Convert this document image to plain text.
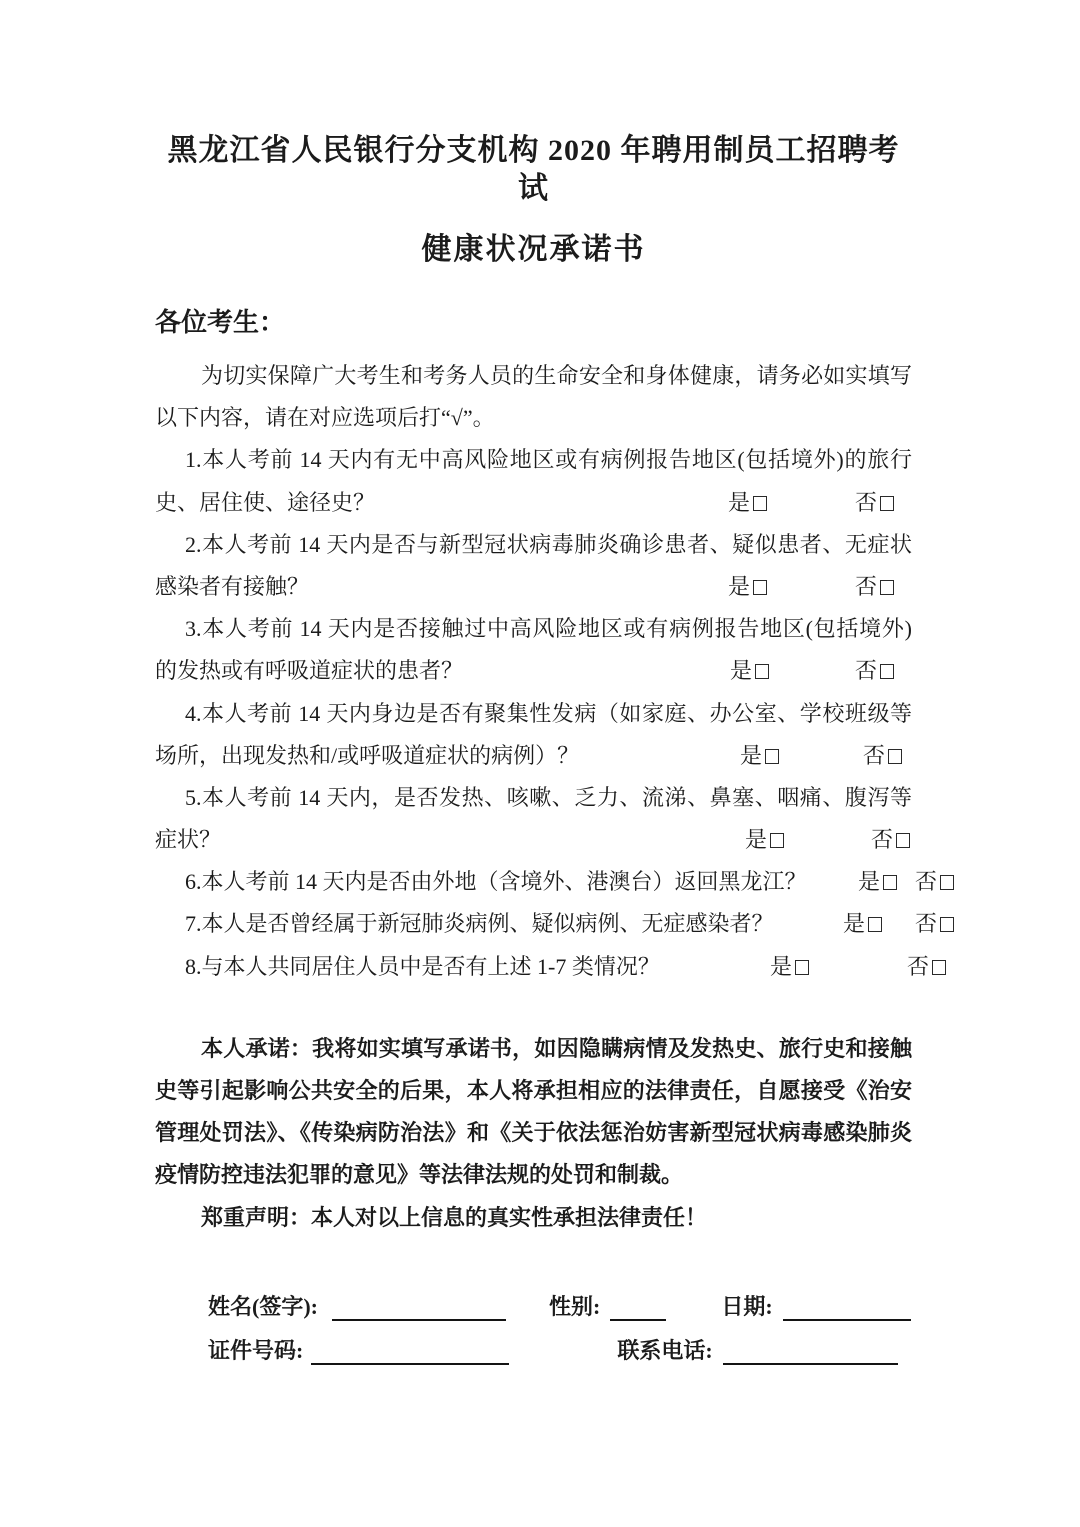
黑龙江省人民银行分支机构 2020 年聘用制员工招聘考试
健康状况承诺书
各位考生：
为切实保障广大考生和考务人员的生命安全和身体健康，请务必如实填写
以下内容，请在对应选项后打“√”。
1.本人考前 14 天内有无中高风险地区或有病例报告地区(包括境外)的旅行
史、居住使、途径史？	是	否
2.本人考前 14 天内是否与新型冠状病毒肺炎确诊患者、疑似患者、无症状
感染者有接触？	是	否
3.本人考前 14 天内是否接触过中高风险地区或有病例报告地区(包括境外)
的发热或有呼吸道症状的患者？	是	否
4.本人考前 14 天内身边是否有聚集性发病（如家庭、办公室、学校班级等
场所，出现发热和/或呼吸道症状的病例）？	是	否
5.本人考前 14 天内，是否发热、咳嗽、乏力、流涕、鼻塞、咽痛、腹泻等
症状？	是	否
6.本人考前 14 天内是否由外地（含境外、港澳台）返回黑龙江？	是	否
7.本人是否曾经属于新冠肺炎病例、疑似病例、无症感染者？	是	否
8.与本人共同居住人员中是否有上述 1-7 类情况？	是	否
本人承诺：我将如实填写承诺书，如因隐瞒病情及发热史、旅行史和接触
史等引起影响公共安全的后果，本人将承担相应的法律责任，自愿接受《治安
管理处罚法》、《传染病防治法》和《关于依法惩治妨害新型冠状病毒感染肺炎
疫情防控违法犯罪的意见》等法律法规的处罚和制裁。
郑重声明：本人对以上信息的真实性承担法律责任！
姓名(签字):	性别:	日期:
证件号码:	联系电话:
